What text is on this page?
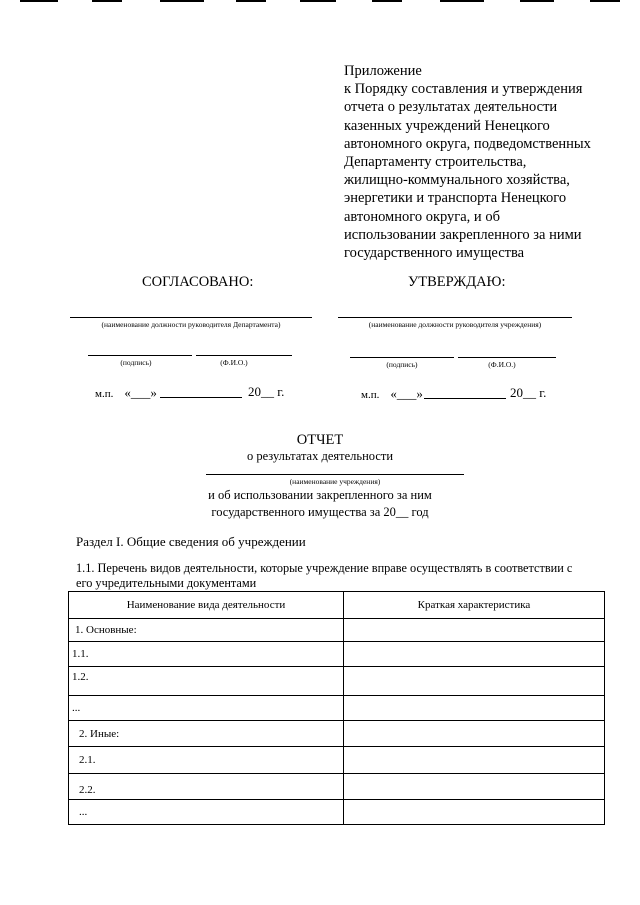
Приложение
к Порядку составления и утверждения
отчета о результатах деятельности
казенных учреждений Ненецкого
автономного округа, подведомственных
Департаменту строительства,
жилищно-коммунального хозяйства,
энергетики и транспорта Ненецкого
автономного округа, и об
использовании закрепленного за ними
государственного имущества
СОГЛАСОВАНО:
(наименование должности руководителя Департамента)
(подпись)	(Ф.И.О.)
м.п. «___»	20__ г.
УТВЕРЖДАЮ:
(наименование должности руководителя учреждения)
(подпись)	(Ф.И.О.)
м.п. «___»	20__ г.
ОТЧЕТ
о результатах деятельности
(наименование учреждения)
и об использовании закрепленного за ним
государственного имущества за 20__ год
Раздел I. Общие сведения об учреждении
1.1. Перечень видов деятельности, которые учреждение вправе осуществлять в соответствии с
его учредительными документами
Наименование вида деятельности	Краткая характеристика
1. Основные:	
1.1.	
1.2.	
...	
2. Иные:	
2.1.	
2.2.	
...	
